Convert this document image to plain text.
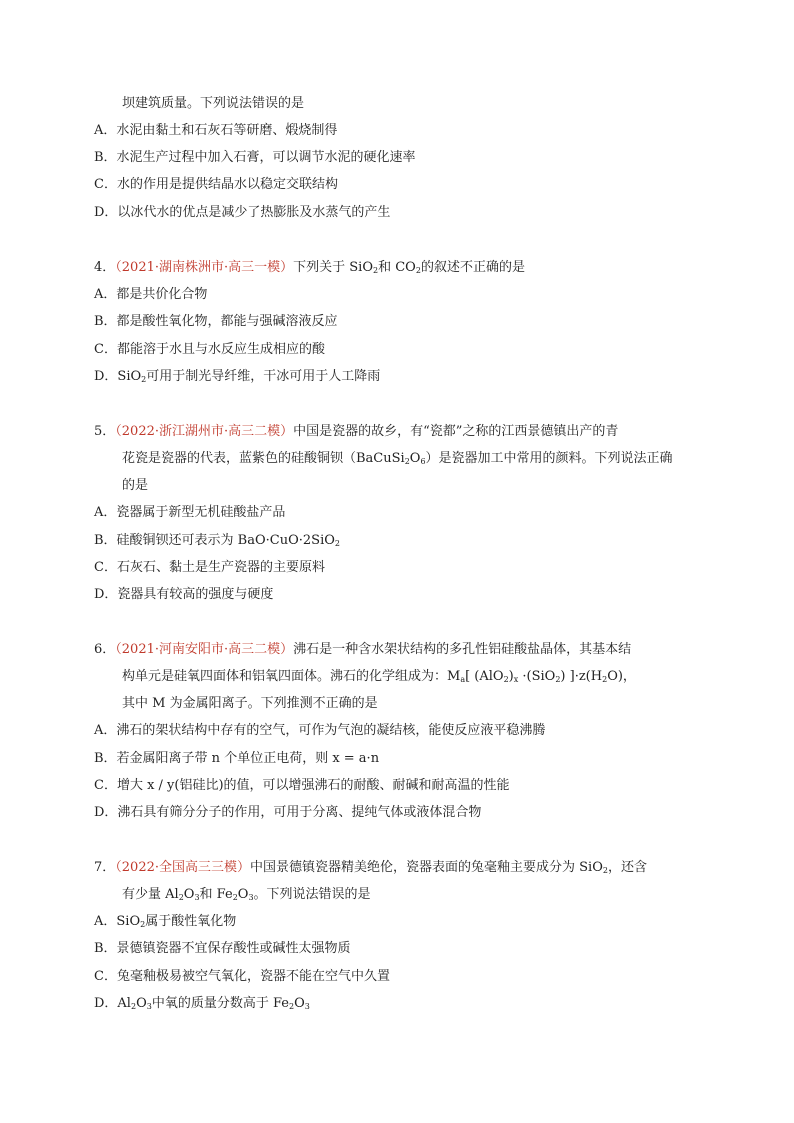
坝建筑质量。下列说法错误的是
A．水泥由黏土和石灰石等研磨、煅烧制得
B．水泥生产过程中加入石膏，可以调节水泥的硬化速率
C．水的作用是提供结晶水以稳定交联结构
D．以冰代水的优点是减少了热膨胀及水蒸气的产生
4．（2021·湖南株洲市·高三一模）下列关于 SiO$_2$和 $CO_2$的叙述不正确的是
A．都是共价化合物
B．都是酸性氧化物，都能与强碱溶液反应
C．都能溶于水且与水反应生成相应的酸
D．SiO$_2$可用于制光导纤维，干冰可用于人工降雨
5．（2022·浙江湖州市·高三二模）中国是瓷器的故乡，有“瓷都”之称的江西景德镇出产的青
花瓷是瓷器的代表，蓝紫色的硅酸铜钡$(BaCuSi_2O_6)$是瓷器加工中常用的颜料。下列说法正确
的是
A．瓷器属于新型无机硅酸盐产品
B．硅酸铜钡还可表示为 BaO·CuO·2SiO$_2$
C．石灰石、黏土是生产瓷器的主要原料
D．瓷器具有较高的强度与硬度
6．（2021·河南安阳市·高三二模）沸石是一种含水架状结构的多孔性铝硅酸盐晶体，其基本结
构单元是硅氧四面体和铝氧四面体。沸石的化学组成为：$M_a$[ $(AlO_2)_x \cdot(SiO_2)$ ]$\cdot z(H_2O)$，
其中 M 为金属阳离子。下列推测不正确的是
A．沸石的架状结构中存有的空气，可作为气泡的凝结核，能使反应液平稳沸腾
B．若金属阳离子带 n 个单位正电荷，则 x = a·n
C．增大 x / y(铝硅比)的值，可以增强沸石的耐酸、耐碱和耐高温的性能
D．沸石具有筛分分子的作用，可用于分离、提纯气体或液体混合物
7．（2022·全国高三三模）中国景德镇瓷器精美绝伦，瓷器表面的兔毫釉主要成分为 SiO$_2$，还含
有少量 $Al_2O_3$和 $Fe_2O_3$。下列说法错误的是
A．SiO$_2$属于酸性氧化物
B．景德镇瓷器不宜保存酸性或碱性太强物质
C．兔毫釉极易被空气氧化，瓷器不能在空气中久置
D．$Al_2O_3$中氧的质量分数高于 $Fe_2O_3$
